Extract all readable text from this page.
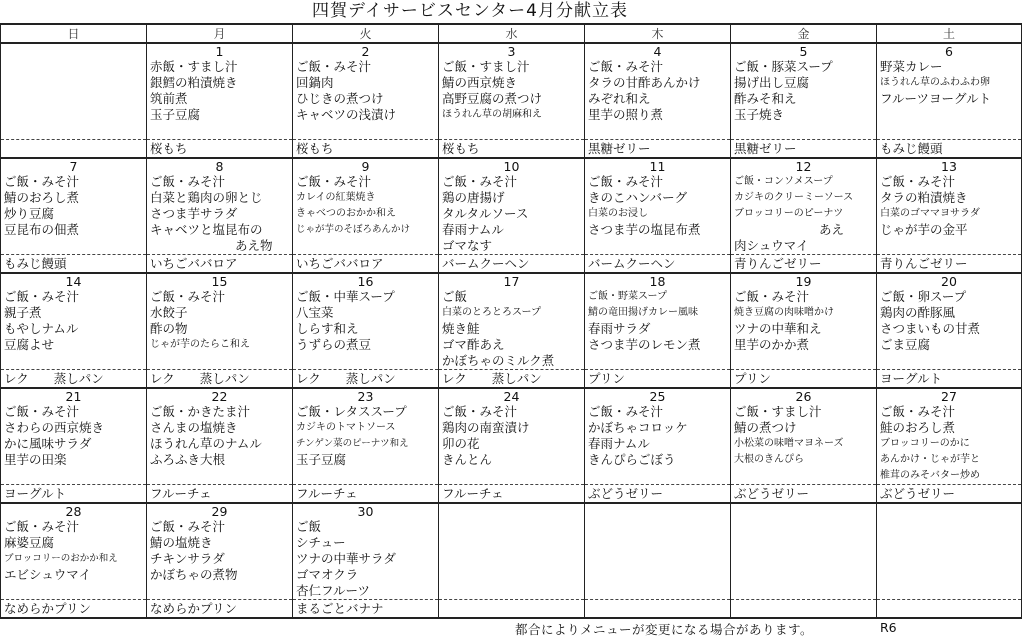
四賀デイサービスセンター4月分献立表
日	月	火	水	木	金	土
	1	2	3	4	5	6
	赤飯・すまし汁	ご飯・みそ汁	ご飯・すまし汁	ご飯・みそ汁	ご飯・豚菜スープ	野菜カレー
	銀鱈の粕漬焼き	回鍋肉	鯖の西京焼き	タラの甘酢あんかけ	揚げ出し豆腐	ほうれん草のふわふわ卵
	筑前煮	ひじきの煮つけ	高野豆腐の煮つけ	みぞれ和え	酢みそ和え	フルーツヨーグルト
	玉子豆腐	キャベツの浅漬け	ほうれん草の胡麻和え	里芋の照り煮	玉子焼き	

	桜もち	桜もち	桜もち	黒糖ゼリー	黒糖ゼリー	もみじ饅頭
7	8	9	10	11	12	13
ご飯・みそ汁	ご飯・みそ汁	ご飯・みそ汁	ご飯・みそ汁	ご飯・みそ汁	ご飯・コンソメスープ	ご飯・みそ汁
鯖のおろし煮	白菜と鶏肉の卵とじ	カレイの紅葉焼き	鶏の唐揚げ	きのこハンバーグ	カジキのクリーミーソース	タラの粕漬焼き
炒り豆腐	さつま芋サラダ	きゃべつのおかか和え	タルタルソース	白菜のお浸し	ブロッコリーのピーナツ	白菜のゴママヨサラダ
豆昆布の佃煮	キャベツと塩昆布の	じゃが芋のそぼろあんかけ	春雨ナムル	さつま芋の塩昆布煮	あえ	じゃが芋の金平
	あえ物		ゴマなす		肉シュウマイ	
もみじ饅頭	いちごババロア	いちごババロア	バームクーヘン	バームクーヘン	青りんごゼリー	青りんごゼリー
14	15	16	17	18	19	20
ご飯・みそ汁	ご飯・みそ汁	ご飯・中華スープ	ご飯	ご飯・野菜スープ	ご飯・みそ汁	ご飯・卵スープ
親子煮	水餃子	八宝菜	白菜のとろとろスープ	鯖の竜田揚げカレー風味	焼き豆腐の肉味噌かけ	鶏肉の酢豚風
もやしナムル	酢の物	しらす和え	焼き鮭	春雨サラダ	ツナの中華和え	さつまいもの甘煮
豆腐よせ	じゃが芋のたらこ和え	うずらの煮豆	ゴマ酢あえ	さつま芋のレモン煮	里芋のかか煮	ごま豆腐
			かぼちゃのミルク煮			
レク　　蒸しパン	レク　　蒸しパン	レク　　蒸しパン	レク　　蒸しパン	プリン	プリン	ヨーグルト
21	22	23	24	25	26	27
ご飯・みそ汁	ご飯・かきたま汁	ご飯・レタススープ	ご飯・みそ汁	ご飯・みそ汁	ご飯・すまし汁	ご飯・みそ汁
さわらの西京焼き	さんまの塩焼き	カジキのトマトソース	鶏肉の南蛮漬け	かぼちゃコロッケ	鯖の煮つけ	鮭のおろし煮
かに風味サラダ	ほうれん草のナムル	チンゲン菜のピーナツ和え	卯の花	春雨ナムル	小松菜の味噌マヨネーズ	ブロッコリーのかに
里芋の田楽	ふろふき大根	玉子豆腐	きんとん	きんぴらごぼう	大根のきんぴら	あんかけ・じゃが芋と
						椎茸のみそバター炒め
ヨーグルト	フルーチェ	フルーチェ	フルーチェ	ぶどうゼリー	ぶどうゼリー	ぶどうゼリー
28	29	30				
ご飯・みそ汁	ご飯・みそ汁	ご飯				
麻婆豆腐	鯖の塩焼き	シチュー				
ブロッコリーのおかか和え	チキンサラダ	ツナの中華サラダ				
エビシュウマイ	かぼちゃの煮物	ゴマオクラ				
		杏仁フルーツ				
なめらかプリン	なめらかプリン	まるごとバナナ				
都合によりメニューが変更になる場合があります。	R6
